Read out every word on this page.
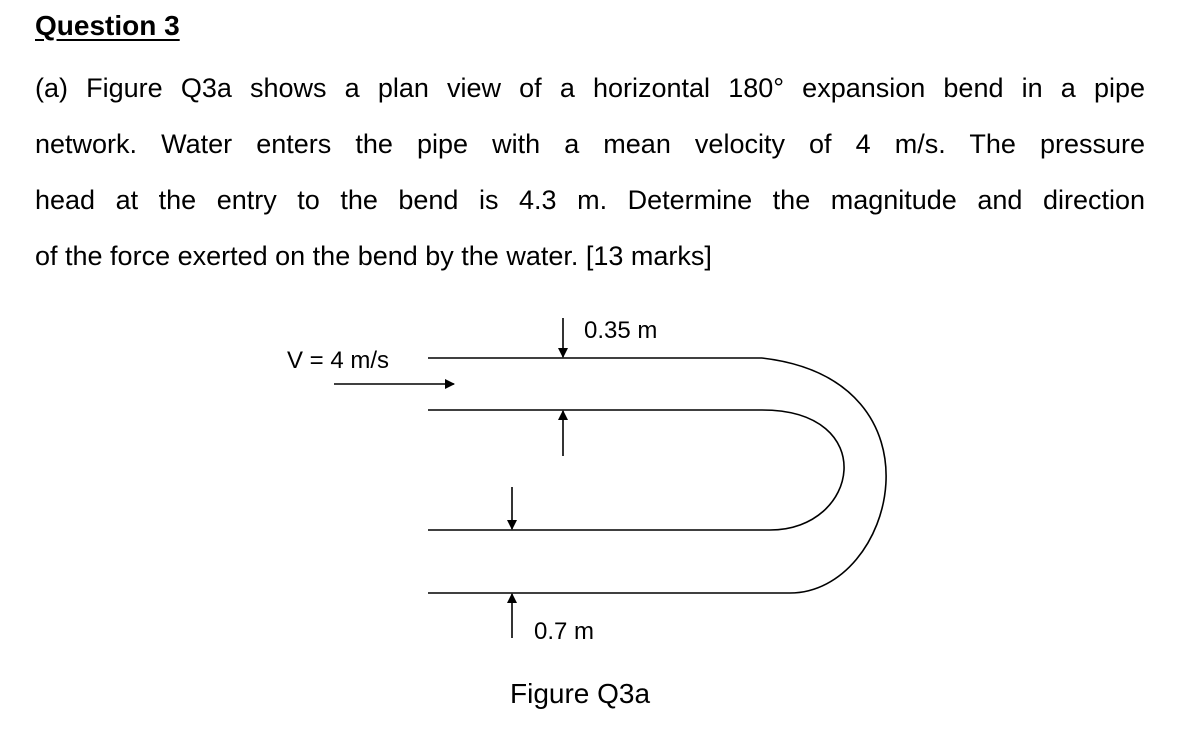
Question 3

(a) Figure Q3a shows a plan view of a horizontal 180° expansion bend in a pipe
network. Water enters the pipe with a mean velocity of 4 m/s. The pressure
head at the entry to the bend is 4.3 m. Determine the magnitude and direction
of the force exerted on the bend by the water. [13 marks]

V = 4 m/s
0.35 m
0.7 m
Figure Q3a
